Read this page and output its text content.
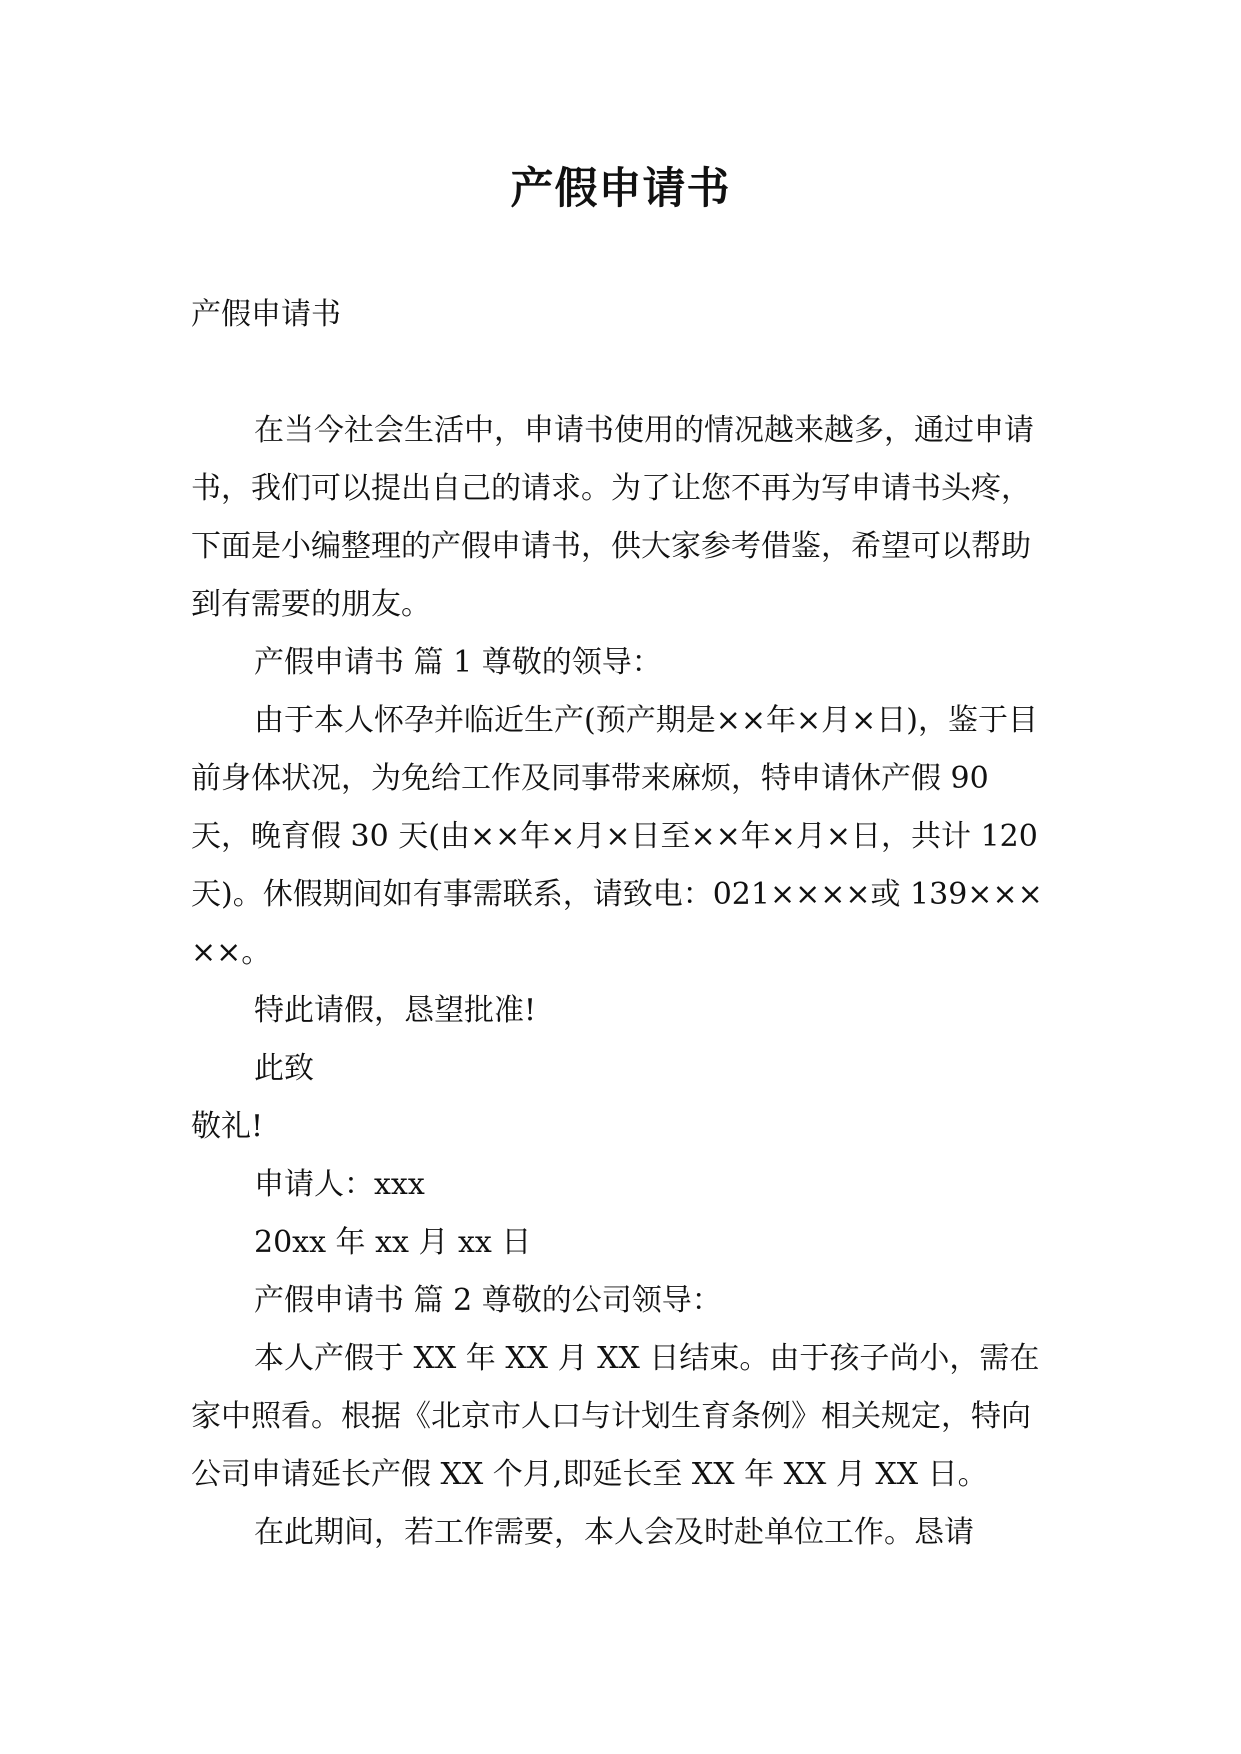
产假申请书

产假申请书

在当今社会生活中，申请书使用的情况越来越多，通过申请书，我们可以提出自己的请求。为了让您不再为写申请书头疼，下面是小编整理的产假申请书，供大家参考借鉴，希望可以帮助到有需要的朋友。

产假申请书 篇 1 尊敬的领导：

由于本人怀孕并临近生产(预产期是××年×月×日)，鉴于目前身体状况，为免给工作及同事带来麻烦，特申请休产假 90 天，晚育假 30 天(由××年×月×日至××年×月×日，共计 120 天)。休假期间如有事需联系，请致电：021××××或 139×××××。

特此请假，恳望批准!

此致

敬礼!

申请人：xxx

20xx 年 xx 月 xx 日

产假申请书 篇 2 尊敬的公司领导：

本人产假于 XX 年 XX 月 XX 日结束。由于孩子尚小，需在家中照看。根据《北京市人口与计划生育条例》相关规定，特向公司申请延长产假 XX 个月,即延长至 XX 年 XX 月 XX 日。

在此期间，若工作需要，本人会及时赴单位工作。恳请
